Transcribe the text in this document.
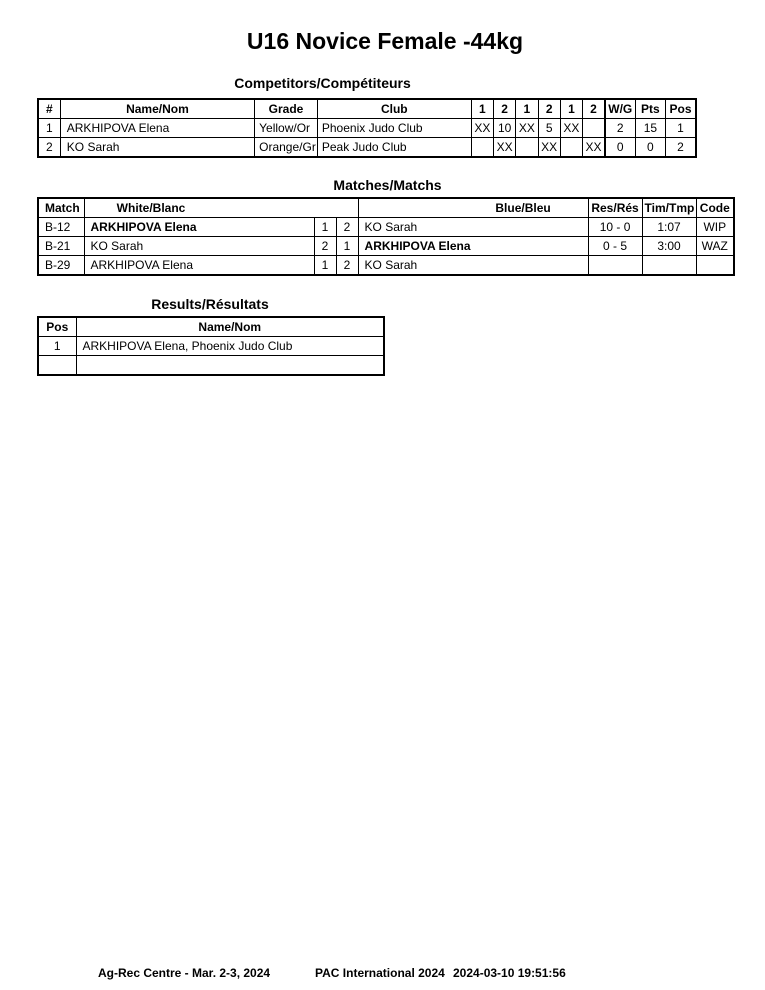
U16 Novice Female -44kg
Competitors/Compétiteurs
#	Name/Nom	Grade	Club	1	2	1	2	1	2	W/G	Pts	Pos
1	ARKHIPOVA Elena	Yellow/Or	Phoenix Judo Club	XX	10	XX	5	XX		2	15	1
2	KO Sarah	Orange/Gr	Peak Judo Club		XX		XX		XX	0	0	2
Matches/Matchs
Match	White/Blanc			Blue/Bleu	Res/Rés	Tim/Tmp	Code
B-12	ARKHIPOVA Elena	1	2	KO Sarah	10 - 0	1:07	WIP
B-21	KO Sarah	2	1	ARKHIPOVA Elena	0 - 5	3:00	WAZ
B-29	ARKHIPOVA Elena	1	2	KO Sarah			
Results/Résultats
Pos	Name/Nom
1	ARKHIPOVA Elena, Phoenix Judo Club

Ag-Rec Centre - Mar. 2-3, 2024	PAC International 2024 2024-03-10 19:51:56
